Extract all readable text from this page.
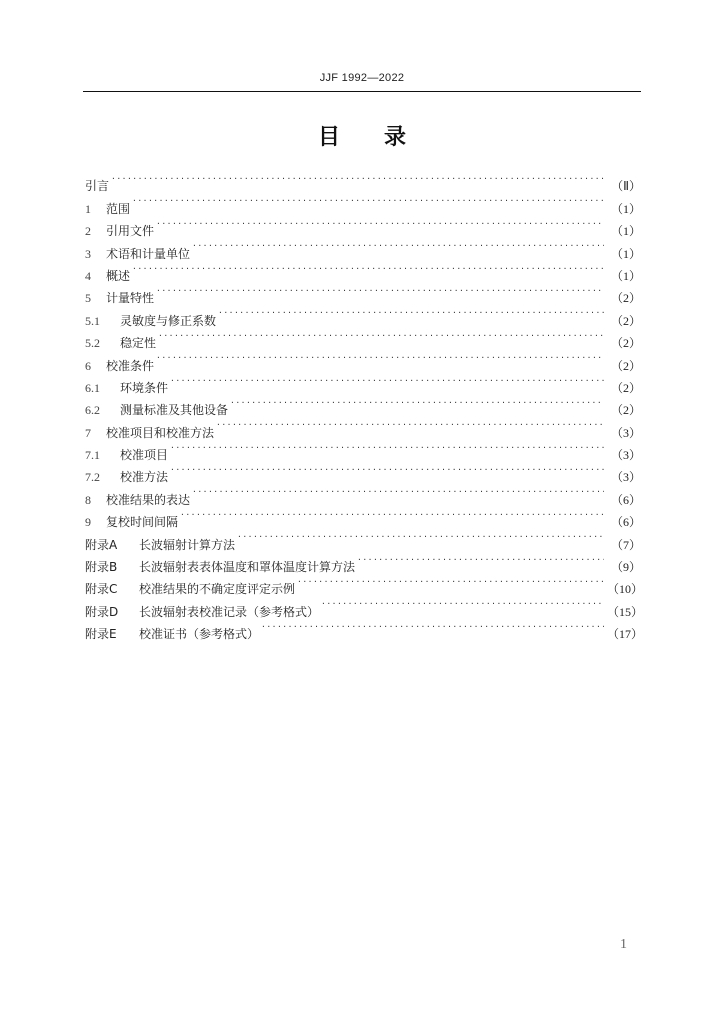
JJF 1992—2022
目 录
引言 ·····	（Ⅱ）
1	范围 ·····	（1）
2	引用文件 ·····	（1）
3	术语和计量单位 ·····	（1）
4	概述 ·····	（1）
5	计量特性 ·····	（2）
5.1	灵敏度与修正系数 ·····	（2）
5.2	稳定性 ·····	（2）
6	校准条件 ·····	（2）
6.1	环境条件 ·····	（2）
6.2	测量标准及其他设备 ·····	（2）
7	校准项目和校准方法 ·····	（3）
7.1	校准项目 ·····	（3）
7.2	校准方法 ·····	（3）
8	校准结果的表达 ·····	（6）
9	复校时间间隔 ·····	（6）
附录A	长波辐射计算方法 ·····	（7）
附录B	长波辐射表表体温度和罩体温度计算方法 ·····	（9）
附录C	校准结果的不确定度评定示例 ·····	（10）
附录D	长波辐射表校准记录（参考格式） ·····	（15）
附录E	校准证书（参考格式） ·····	（17）
1
